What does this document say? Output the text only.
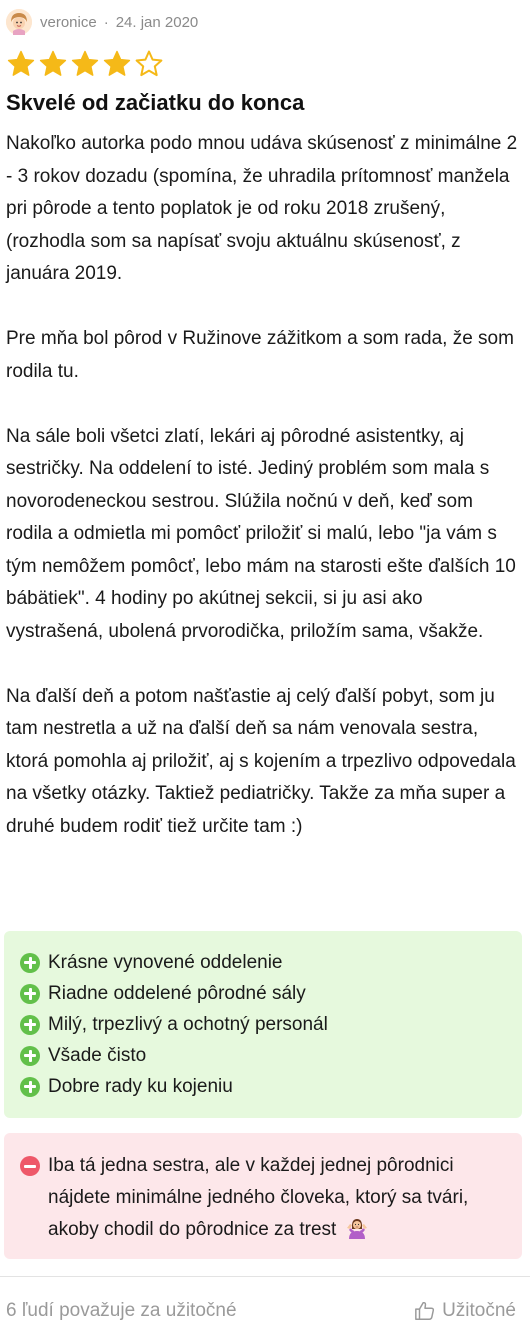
veronice · 24. jan 2020
Skvelé od začiatku do konca

Nakoľko autorka podo mnou udáva skúsenosť z minimálne 2 - 3 rokov dozadu (spomína, že uhradila prítomnosť manžela pri pôrode a tento poplatok je od roku 2018 zrušený, (rozhodla som sa napísať svoju aktuálnu skúsenosť, z januára 2019.

Pre mňa bol pôrod v Ružinove zážitkom a som rada, že som rodila tu.

Na sále boli všetci zlatí, lekári aj pôrodné asistentky, aj sestričky. Na oddelení to isté. Jediný problém som mala s novorodeneckou sestrou. Slúžila nočnú v deň, keď som rodila a odmietla mi pomôcť priložiť si malú, lebo "ja vám s tým nemôžem pomôcť, lebo mám na starosti ešte ďalších 10 bábätiek". 4 hodiny po akútnej sekcii, si ju asi ako vystrašená, ubolená prvorodička, priložím sama, všakže.

Na ďalší deň a potom našťastie aj celý ďalší pobyt, som ju tam nestretla a už na ďalší deň sa nám venovala sestra, ktorá pomohla aj priložiť, aj s kojením a trpezlivo odpovedala na všetky otázky. Taktiež pediatričky. Takže za mňa super a druhé budem rodiť tiež určite tam :)

Krásne vynovené oddelenie
Riadne oddelené pôrodné sály
Milý, trpezlivý a ochotný personál
Všade čisto
Dobre rady ku kojeniu
Iba tá jedna sestra, ale v každej jednej pôrodnici nájdete minimálne jedného človeka, ktorý sa tvári, akoby chodil do pôrodnice za trest
6 ľudí považuje za užitočné	Užitočné
